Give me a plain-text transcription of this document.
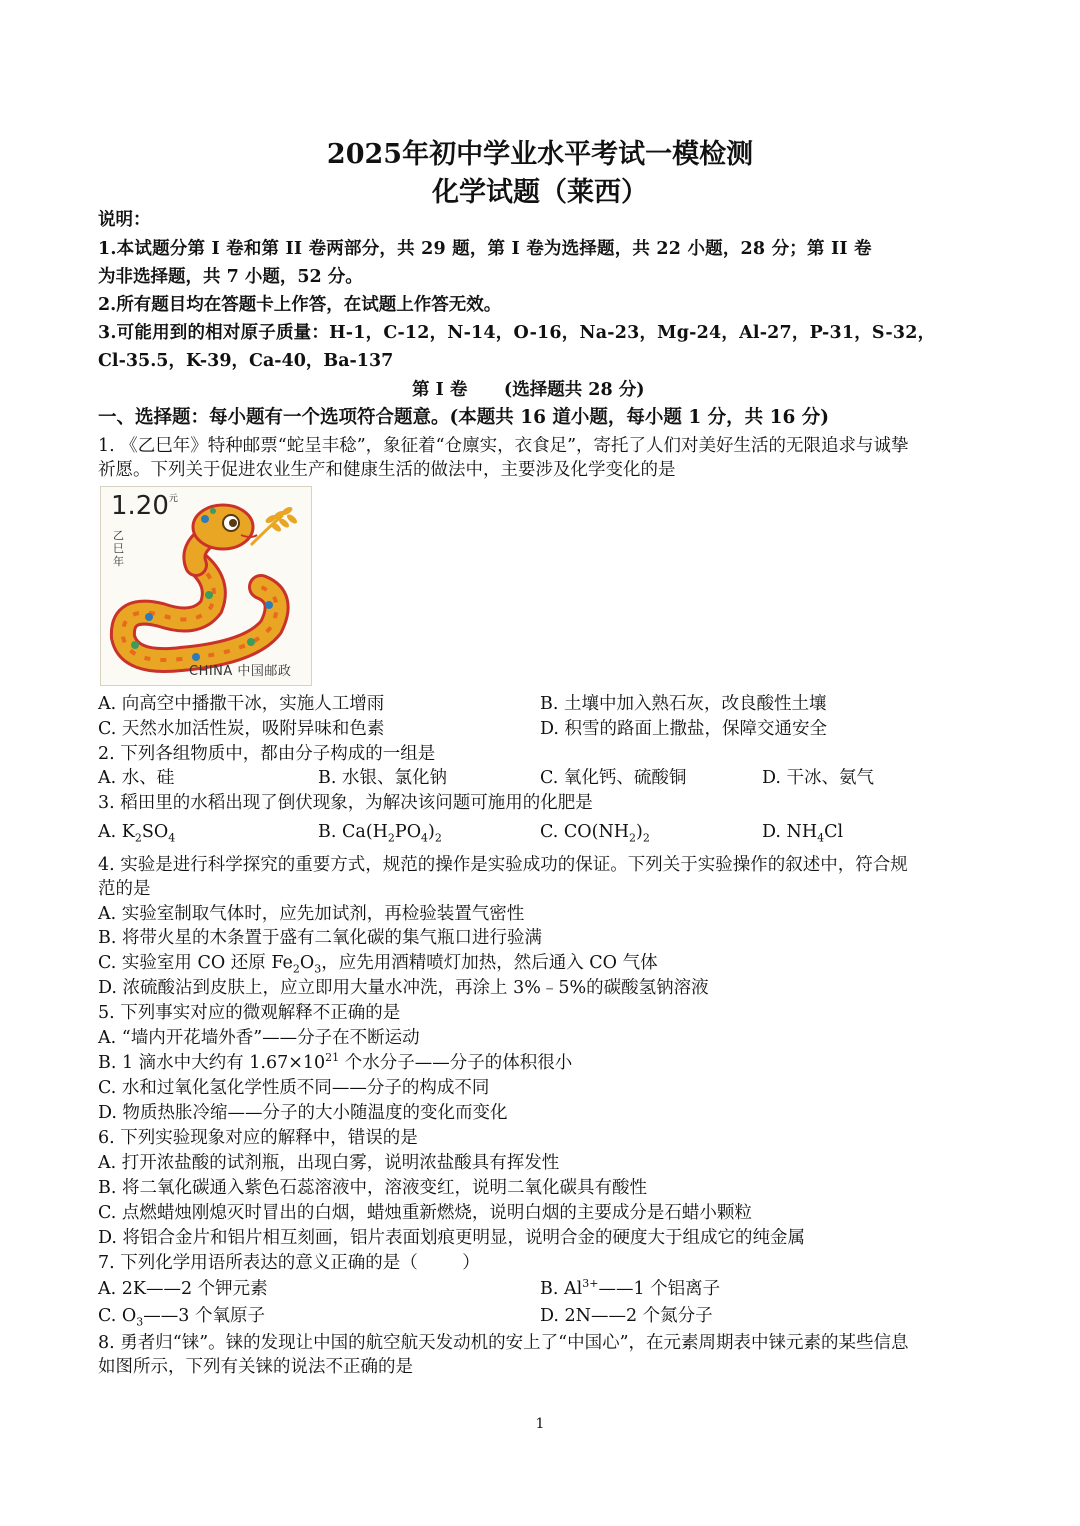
2025年初中学业水平考试一模检测
化学试题（莱西）
说明：
1.本试题分第 I 卷和第 II 卷两部分，共 29 题，第 I 卷为选择题，共 22 小题，28 分；第 II 卷
为非选择题，共 7 小题，52 分。
2.所有题目均在答题卡上作答，在试题上作答无效。
3.可能用到的相对原子质量：H-1，C-12，N-14，O-16，Na-23，Mg-24，Al-27，P-31，S-32，
Cl-35.5，K-39，Ca-40，Ba-137
第 I 卷      (选择题共 28 分)
一、选择题：每小题有一个选项符合题意。(本题共 16 道小题，每小题 1 分，共 16 分)
1. 《乙巳年》特种邮票“蛇呈丰稔”，象征着“仓廪实，衣食足”，寄托了人们对美好生活的无限追求与诚挚
祈愿。下列关于促进农业生产和健康生活的做法中，主要涉及化学变化的是
$1.20^元$
乙巳年
CHINA 中国邮政
A. 向高空中播撒干冰，实施人工增雨	B. 土壤中加入熟石灰，改良酸性土壤
C. 天然水加活性炭，吸附异味和色素	D. 积雪的路面上撒盐，保障交通安全
2. 下列各组物质中，都由分子构成的一组是
A. 水、硅	B. 水银、氯化钠	C. 氧化钙、硫酸铜	D. 干冰、氨气
3. 稻田里的水稻出现了倒伏现象，为解决该问题可施用的化肥是
A. $K_2SO_4$	B. $Ca(H_2PO_4)_2$	C. $CO(NH_2)_2$	D. $NH_4Cl$
4. 实验是进行科学探究的重要方式，规范的操作是实验成功的保证。下列关于实验操作的叙述中，符合规
范的是
A. 实验室制取气体时，应先加试剂，再检验装置气密性
B. 将带火星的木条置于盛有二氧化碳的集气瓶口进行验满
C. 实验室用 CO 还原 $Fe_2O_3$，应先用酒精喷灯加热，然后通入 CO 气体
D. 浓硫酸沾到皮肤上，应立即用大量水冲洗，再涂上 3%﹣5%的碳酸氢钠溶液
5. 下列事实对应的微观解释不正确的是
A. “墙内开花墙外香”——分子在不断运动
B. 1 滴水中大约有 $1.67\times 10^{21}$ 个水分子——分子的体积很小
C. 水和过氧化氢化学性质不同——分子的构成不同
D. 物质热胀冷缩——分子的大小随温度的变化而变化
6. 下列实验现象对应的解释中，错误的是
A. 打开浓盐酸的试剂瓶，出现白雾，说明浓盐酸具有挥发性
B. 将二氧化碳通入紫色石蕊溶液中，溶液变红，说明二氧化碳具有酸性
C. 点燃蜡烛刚熄灭时冒出的白烟，蜡烛重新燃烧，说明白烟的主要成分是石蜡小颗粒
D. 将铝合金片和铝片相互刻画，铝片表面划痕更明显，说明合金的硬度大于组成它的纯金属
7. 下列化学用语所表达的意义正确的是（        ）
A. 2K——2 个钾元素	B. $Al^{3+}——1$ 个铝离子
C. $O_3——3$ 个氧原子	D. 2N——2 个氮分子
8. 勇者归“铼”。铼的发现让中国的航空航天发动机的安上了“中国心”，在元素周期表中铼元素的某些信息
如图所示，下列有关铼的说法不正确的是
1
